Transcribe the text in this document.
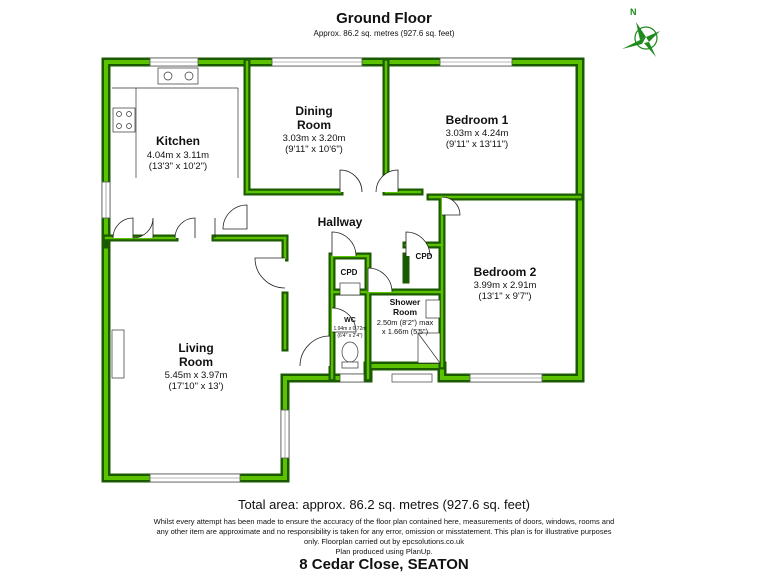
Ground Floor
Approx. 86.2 sq. metres (927.6 sq. feet)
N
Kitchen
4.04m x 3.11m
(13'3" x 10'2")
Dining
Room
3.03m x 3.20m
(9'11" x 10'6")
Bedroom 1
3.03m x 4.24m
(9'11" x 13'11")
Hallway
Bedroom 2
3.99m x 2.91m
(13'1" x 9'7")
Living
Room
5.45m x 3.97m
(17'10" x 13')
Shower
Room
2.50m (8'2") max
x 1.66m (5'5")
WC
1.94m x 0.72m
(6'4" x 2'4")
CPD
CPD
Total area: approx. 86.2 sq. metres (927.6 sq. feet)
Whilst every attempt has been made to ensure the accuracy of the floor plan contained here, measurements of doors, windows, rooms and
any other item are approximate and no responsibility is taken for any error, omission or misstatement. This plan is for illustrative purposes
only. Floorplan carried out by epcsolutions.co.uk
Plan produced using PlanUp.
8 Cedar Close, SEATON
